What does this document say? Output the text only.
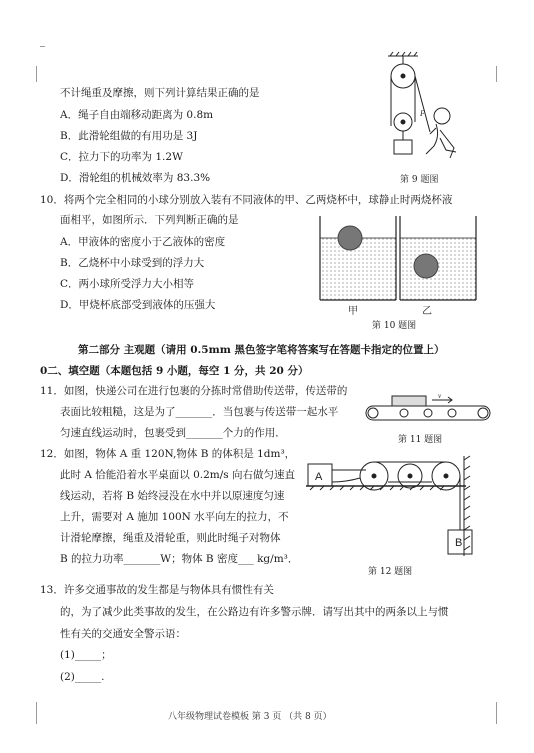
不计绳重及摩擦，则下列计算结果正确的是
A．绳子自由端移动距离为 0.8m
B．此滑轮组做的有用功是 3J
C．拉力下的功率为 1.2W
D．滑轮组的机械效率为 83.3%
F
第 9 题图
10．将两个完全相同的小球分别放入装有不同液体的甲、乙两烧杯中，球静止时两烧杯液
面相平，如图所示．下列判断正确的是
A．甲液体的密度小于乙液体的密度
B．乙烧杯中小球受到的浮力大
C．两小球所受浮力大小相等
D．甲烧杯底部受到液体的压强大
甲	乙
第 10 题图
第二部分 主观题（请用 0.5mm 黑色签字笔将答案写在答题卡指定的位置上）
0二、填空题（本题包括 9 小题，每空 1 分，共 20 分）
11．如图，快递公司在进行包裹的分拣时常借助传送带，传送带的
表面比较粗糙，这是为了_______．当包裹与传送带一起水平
匀速直线运动时，包裹受到_______个力的作用．
v
第 11 题图
12．如图，物体 A 重 120N,物体 B 的体积是 1dm³，
此时 A 恰能沿着水平桌面以 0.2m/s 向右做匀速直
线运动，若将 B 始终浸没在水中并以原速度匀速
上升，需要对 A 施加 100N 水平向左的拉力，不
计滑轮摩擦，绳重及滑轮重，则此时绳子对物体
B 的拉力功率_______W；物体 B 密度___ kg/m³．
A
B
第 12 题图
13．许多交通事故的发生都是与物体具有惯性有关
的，为了减少此类事故的发生，在公路边有许多警示牌．请写出其中的两条以上与惯
性有关的交通安全警示语：
(1)_____；
(2)_____.
八年级物理试卷模板 第 3 页 （共 8 页）
